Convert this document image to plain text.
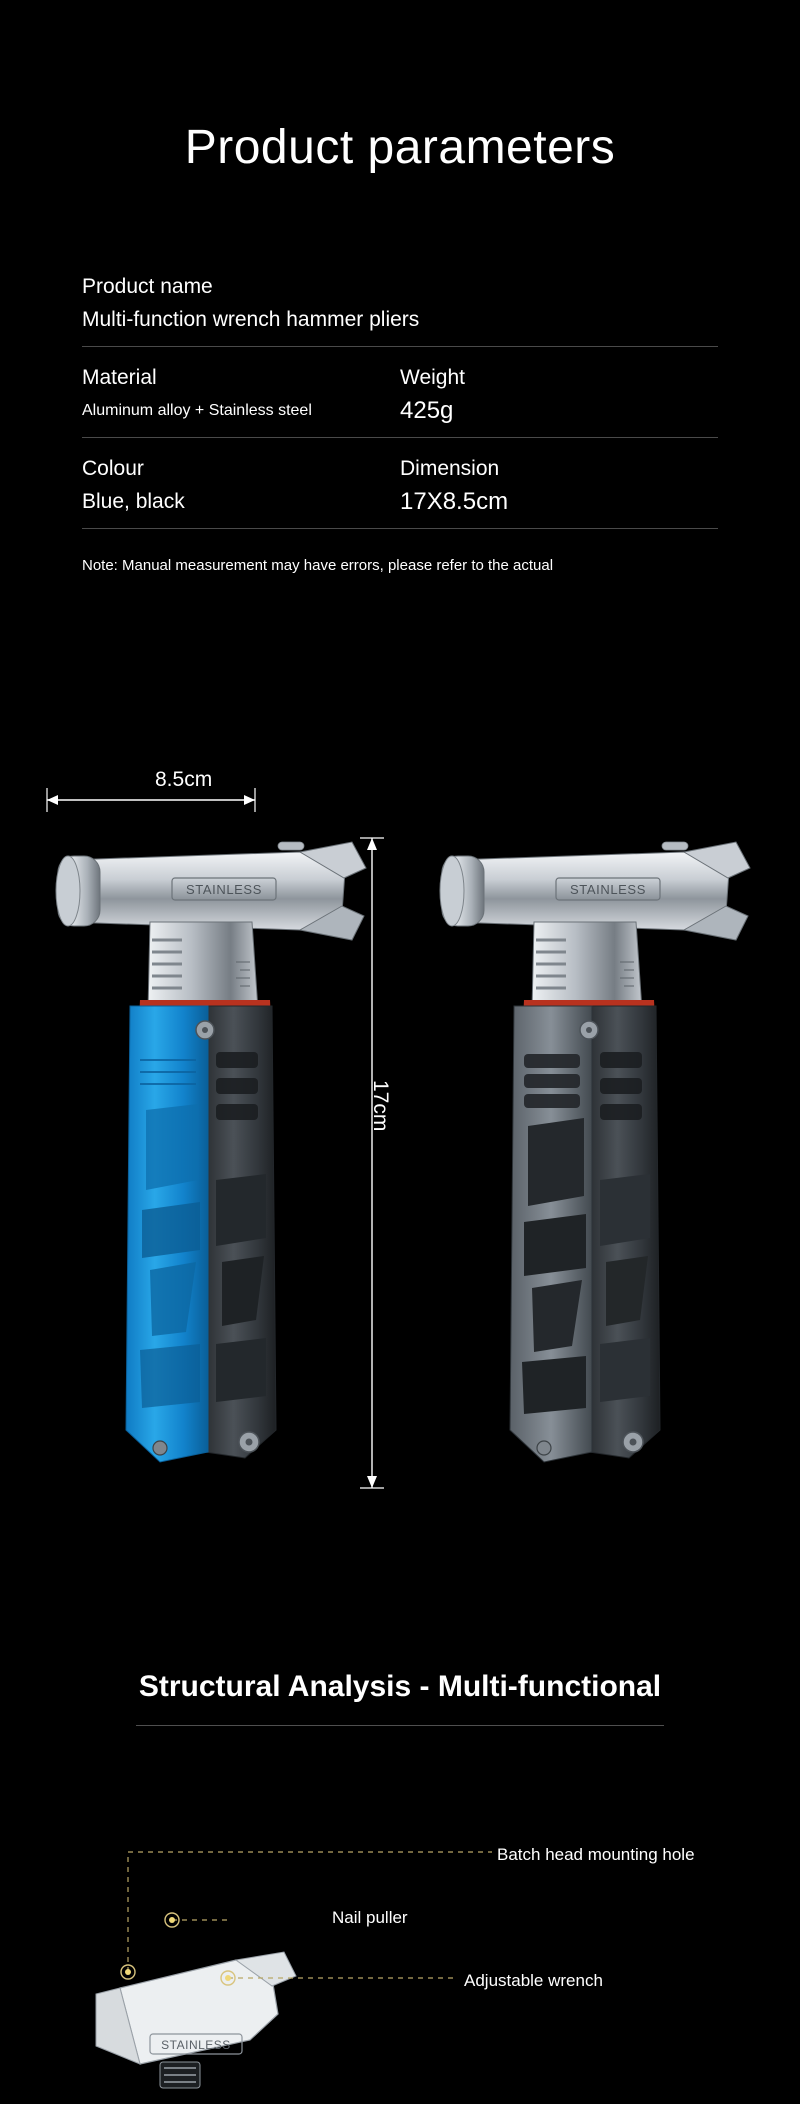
Product parameters
Product name
Multi-function wrench hammer pliers
Material
Aluminum alloy + Stainless steel
Weight
425g
Colour
Blue, black
Dimension
17X8.5cm
Note: Manual measurement may have errors, please refer to the actual
STAINLESS	STAINLESS
STAINLESS
8.5cm
17cm
Structural Analysis - Multi-functional
Batch head mounting hole
Nail puller
Adjustable wrench
